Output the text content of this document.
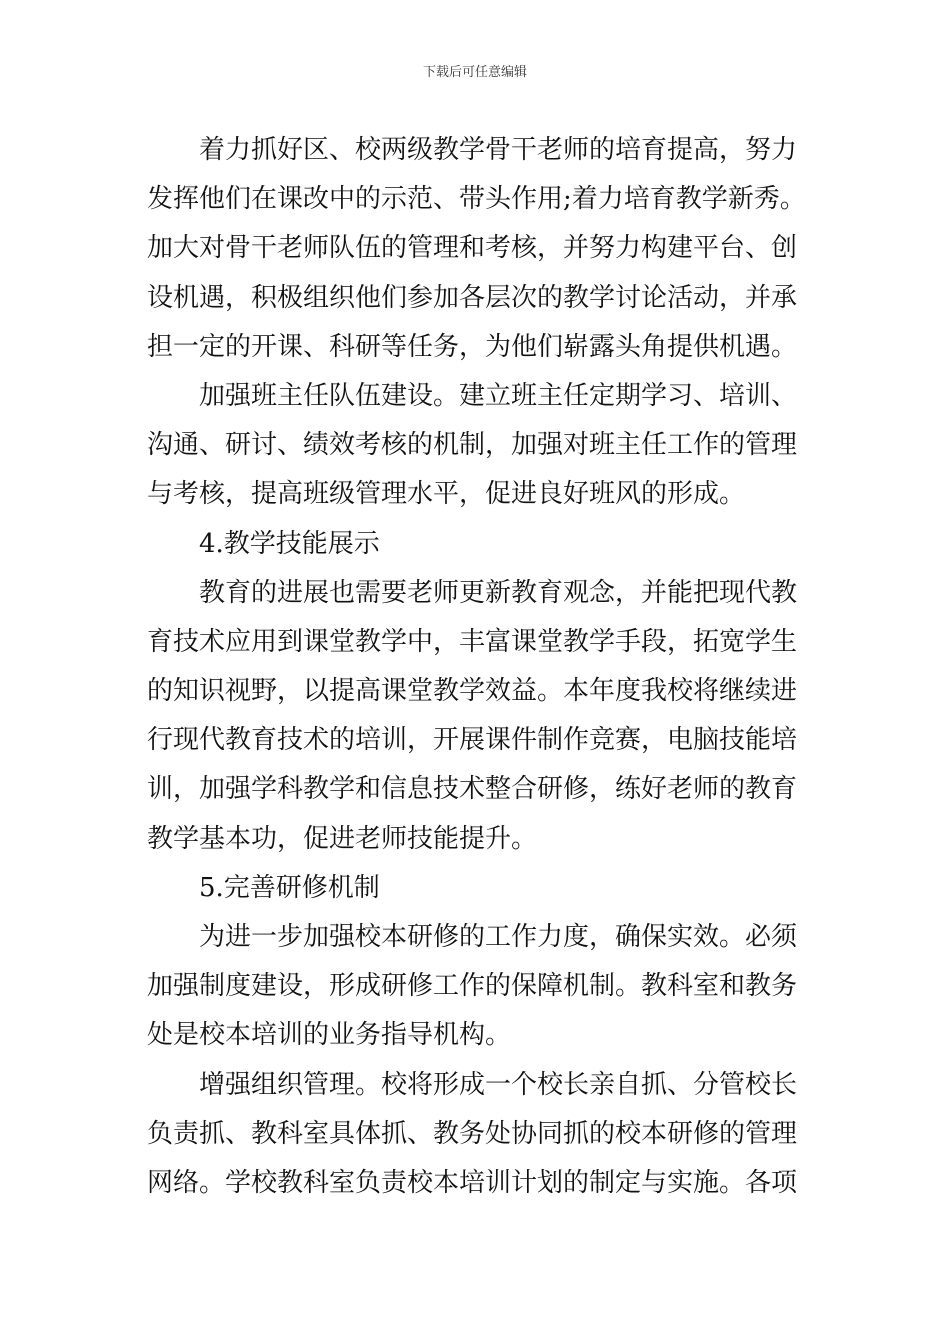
下载后可任意编辑
着力抓好区、校两级教学骨干老师的培育提高，努力
发挥他们在课改中的示范、带头作用;着力培育教学新秀。
加大对骨干老师队伍的管理和考核，并努力构建平台、创
设机遇，积极组织他们参加各层次的教学讨论活动，并承
担一定的开课、科研等任务，为他们崭露头角提供机遇。
加强班主任队伍建设。建立班主任定期学习、培训、
沟通、研讨、绩效考核的机制，加强对班主任工作的管理
与考核，提高班级管理水平，促进良好班风的形成。
4.教学技能展示
教育的进展也需要老师更新教育观念，并能把现代教
育技术应用到课堂教学中，丰富课堂教学手段，拓宽学生
的知识视野，以提高课堂教学效益。本年度我校将继续进
行现代教育技术的培训，开展课件制作竞赛，电脑技能培
训，加强学科教学和信息技术整合研修，练好老师的教育
教学基本功，促进老师技能提升。
5.完善研修机制
为进一步加强校本研修的工作力度，确保实效。必须
加强制度建设，形成研修工作的保障机制。教科室和教务
处是校本培训的业务指导机构。
增强组织管理。校将形成一个校长亲自抓、分管校长
负责抓、教科室具体抓、教务处协同抓的校本研修的管理
网络。学校教科室负责校本培训计划的制定与实施。各项
